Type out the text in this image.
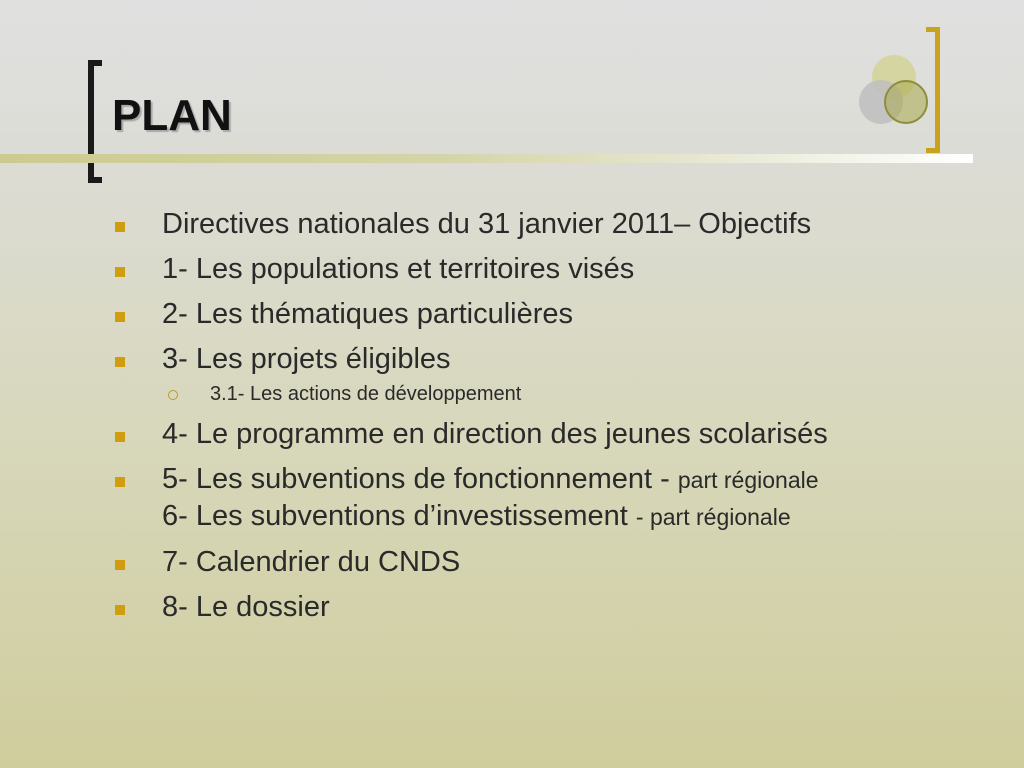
PLAN
Directives nationales du 31 janvier 2011– Objectifs
1- Les populations et territoires visés
2- Les thématiques particulières
3- Les projets éligibles
3.1- Les actions de développement
4- Le programme en direction des jeunes scolarisés
5- Les subventions de fonctionnement - part régionale
6- Les subventions d’investissement - part régionale
7- Calendrier du CNDS
8- Le dossier
